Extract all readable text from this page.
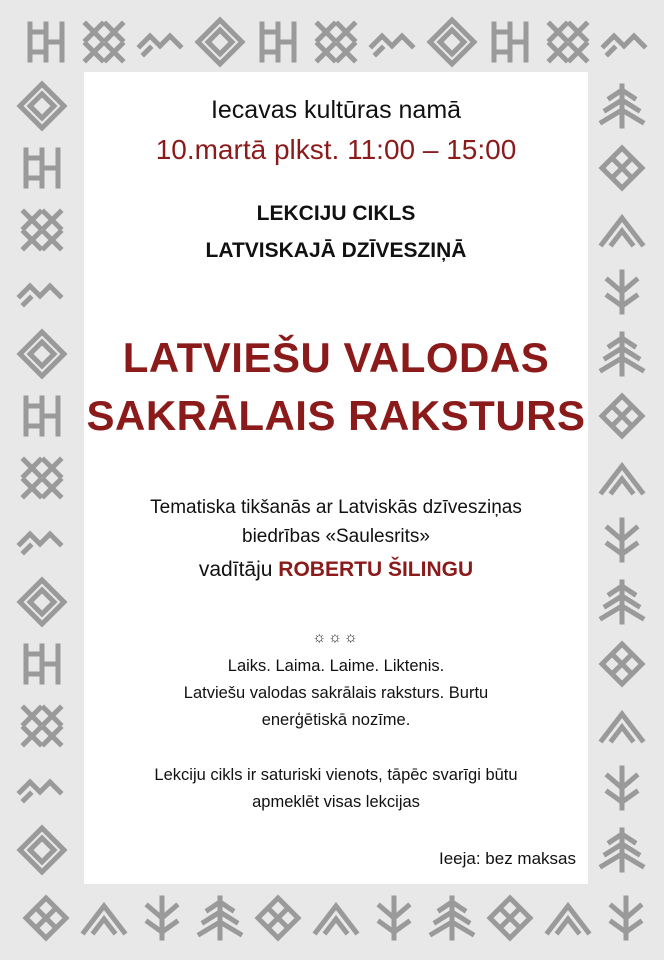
Iecavas kultūras namā
10.martā plkst. 11:00 – 15:00
LEKCIJU CIKLS
LATVISKAJĀ DZĪVESZIŅĀ
LATVIEŠU VALODAS
SAKRĀLAIS RAKSTURS
Tematiska tikšanās ar Latviskās dzīvesziņas
biedrības «Saulesrits»
vadītāju ROBERTU ŠILINGU
☼☼☼
Laiks. Laima. Laime. Liktenis.
Latviešu valodas sakrālais raksturs. Burtu
enerģētiskā nozīme.
Lekciju cikls ir saturiski vienots, tāpēc svarīgi būtu
apmeklēt visas lekcijas
Ieeja: bez maksas
